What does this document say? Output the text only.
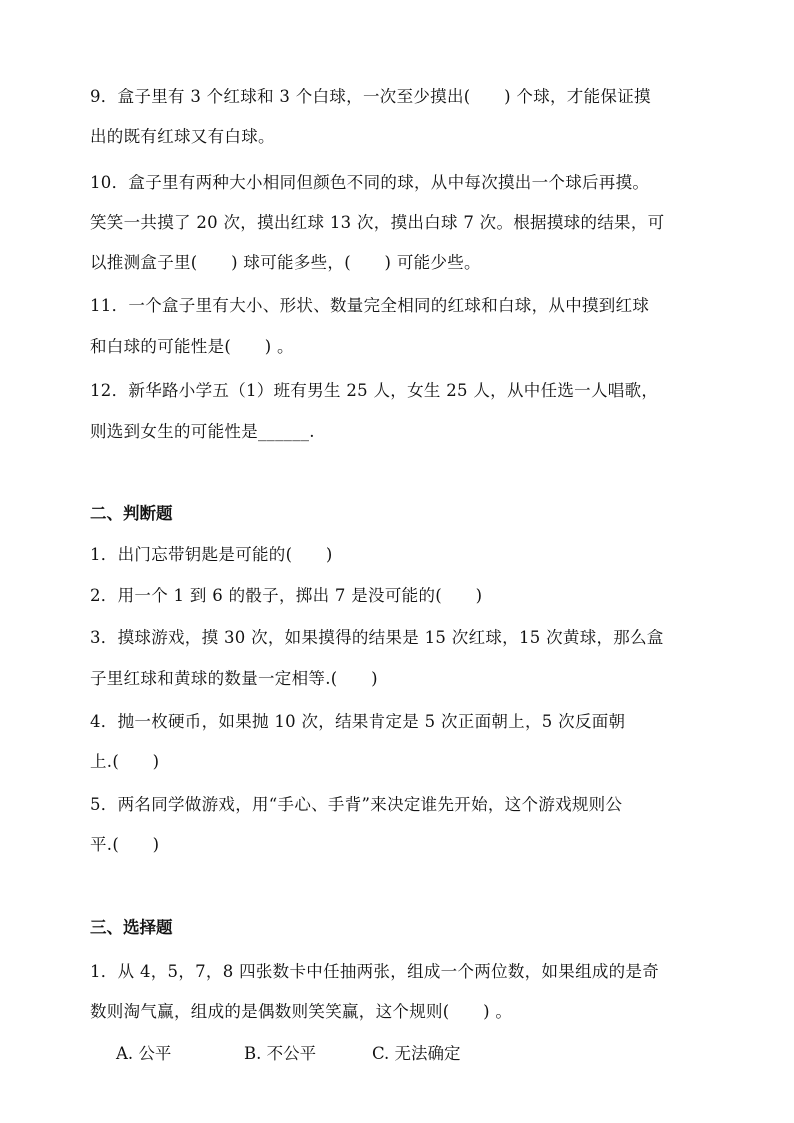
9．盒子里有 3 个红球和 3 个白球，一次至少摸出(　　) 个球，才能保证摸
出的既有红球又有白球。
10．盒子里有两种大小相同但颜色不同的球，从中每次摸出一个球后再摸。
笑笑一共摸了 20 次，摸出红球 13 次，摸出白球 7 次。根据摸球的结果，可
以推测盒子里(　　) 球可能多些，(　　) 可能少些。
11．一个盒子里有大小、形状、数量完全相同的红球和白球，从中摸到红球
和白球的可能性是(　　) 。
12．新华路小学五（1）班有男生 25 人，女生 25 人，从中任选一人唱歌，
则选到女生的可能性是______.
二、判断题
1．出门忘带钥匙是可能的(　　)
2．用一个 1 到 6 的骰子，掷出 7 是没可能的(　　)
3．摸球游戏，摸 30 次，如果摸得的结果是 15 次红球，15 次黄球，那么盒
子里红球和黄球的数量一定相等.(　　)
4．抛一枚硬币，如果抛 10 次，结果肯定是 5 次正面朝上，5 次反面朝
上.(　　)
5．两名同学做游戏，用“手心、手背”来决定谁先开始，这个游戏规则公
平.(　　)
三、选择题
1．从 4，5，7，8 四张数卡中任抽两张，组成一个两位数，如果组成的是奇
数则淘气赢，组成的是偶数则笑笑赢，这个规则(　　) 。
A. 公平	B. 不公平	C. 无法确定
